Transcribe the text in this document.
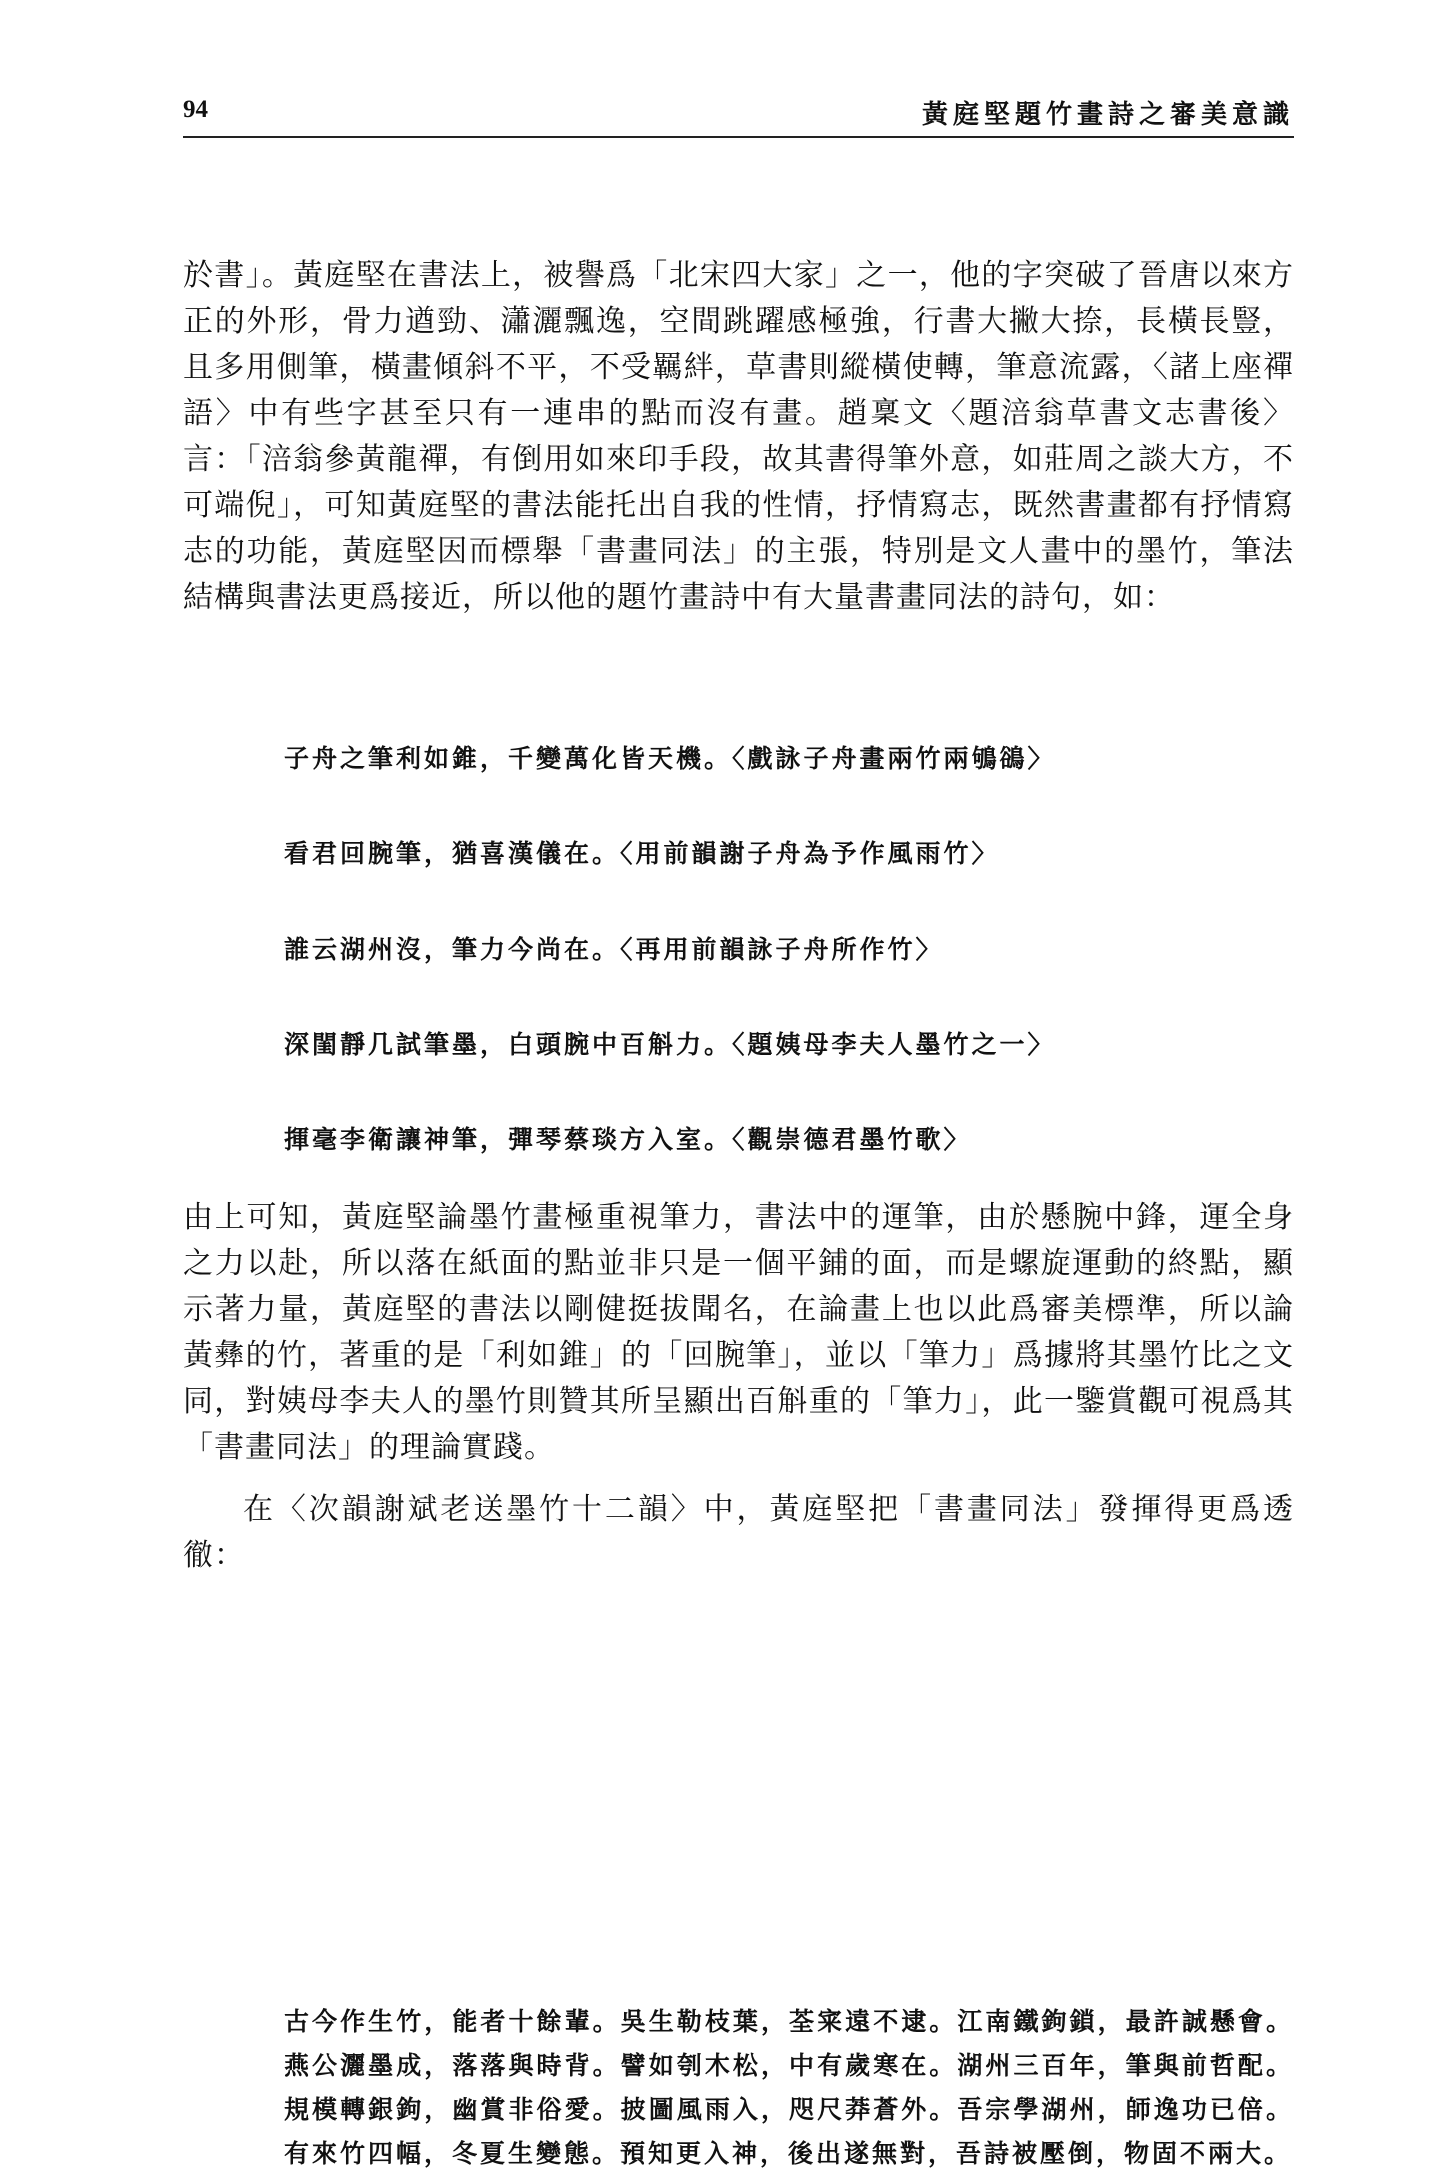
94	黃庭堅題竹畫詩之審美意識

於書」。黃庭堅在書法上，被譽爲「北宋四大家」之一，他的字突破了晉唐以來方正的外形，骨力遒勁、瀟灑飄逸，空間跳躍感極強，行書大撇大捺，長橫長豎，且多用側筆，橫畫傾斜不平，不受羈絆，草書則縱橫使轉，筆意流露，〈諸上座禪語〉中有些字甚至只有一連串的點而沒有畫。趙稟文〈題涪翁草書文志書後〉言：「涪翁參黃龍禪，有倒用如來印手段，故其書得筆外意，如莊周之談大方，不可端倪」，可知黃庭堅的書法能托出自我的性情，抒情寫志，既然書畫都有抒情寫志的功能，黃庭堅因而標舉「書畫同法」的主張，特別是文人畫中的墨竹，筆法結構與書法更爲接近，所以他的題竹畫詩中有大量書畫同法的詩句，如：

子舟之筆利如錐，千變萬化皆天機。〈戲詠子舟畫兩竹兩鴝鵒〉
看君回腕筆，猶喜漢儀在。〈用前韻謝子舟為予作風雨竹〉
誰云湖州沒，筆力今尚在。〈再用前韻詠子舟所作竹〉
深閨靜几試筆墨，白頭腕中百斛力。〈題姨母李夫人墨竹之一〉
揮毫李衛讓神筆，彈琴蔡琰方入室。〈觀崇德君墨竹歌〉

由上可知，黃庭堅論墨竹畫極重視筆力，書法中的運筆，由於懸腕中鋒，運全身之力以赴，所以落在紙面的點並非只是一個平鋪的面，而是螺旋運動的終點，顯示著力量，黃庭堅的書法以剛健挺拔聞名，在論畫上也以此爲審美標準，所以論黃彝的竹，著重的是「利如錐」的「回腕筆」，並以「筆力」爲據將其墨竹比之文同，對姨母李夫人的墨竹則贊其所呈顯出百斛重的「筆力」，此一鑒賞觀可視爲其「書畫同法」的理論實踐。

在〈次韻謝斌老送墨竹十二韻〉中，黃庭堅把「書畫同法」發揮得更爲透徹：

古今作生竹，能者十餘輩。吳生勒枝葉，荃宷遠不逮。江南鐵鉤鎖，最許誠懸會。燕公灑墨成，落落與時背。譬如刳木松，中有歲寒在。湖州三百年，筆與前哲配。規模轉銀鉤，幽賞非俗愛。披圖風雨入，咫尺莽蒼外。吾宗學湖州，師逸功已倍。有來竹四幅，冬夏生變態。預知更入神，後出遂無對，吾詩被壓倒，物固不兩大。
